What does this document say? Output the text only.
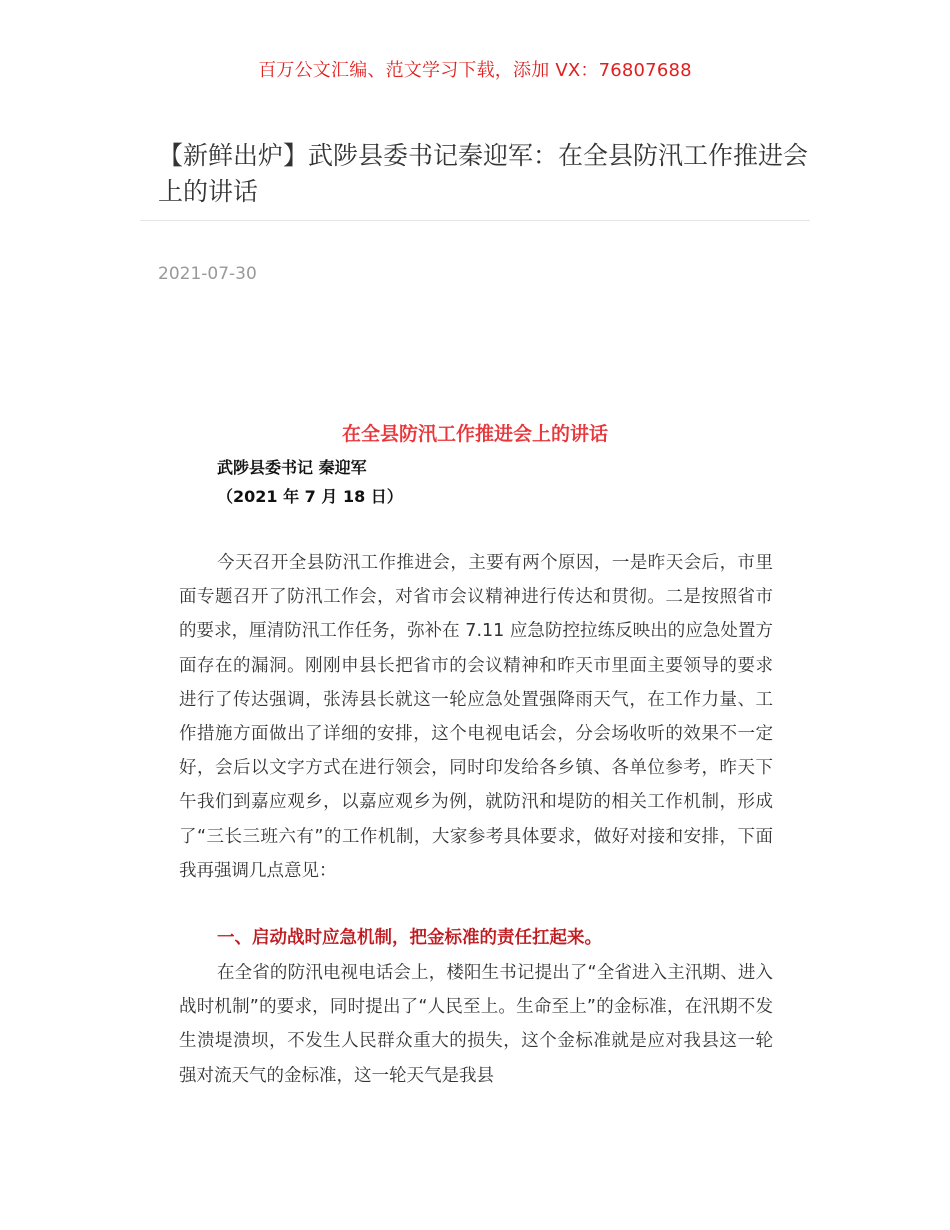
百万公文汇编、范文学习下载，添加 VX：76807688
【新鲜出炉】武陟县委书记秦迎军：在全县防汛工作推进会上的讲话
2021-07-30
在全县防汛工作推进会上的讲话
武陟县委书记 秦迎军
（2021 年 7 月 18 日）

今天召开全县防汛工作推进会，主要有两个原因，一是昨天会后，市里面专题召开了防汛工作会，对省市会议精神进行传达和贯彻。二是按照省市的要求，厘清防汛工作任务，弥补在 7.11 应急防控拉练反映出的应急处置方面存在的漏洞。刚刚申县长把省市的会议精神和昨天市里面主要领导的要求进行了传达强调，张涛县长就这一轮应急处置强降雨天气，在工作力量、工作措施方面做出了详细的安排，这个电视电话会，分会场收听的效果不一定好，会后以文字方式在进行领会，同时印发给各乡镇、各单位参考，昨天下午我们到嘉应观乡，以嘉应观乡为例，就防汛和堤防的相关工作机制，形成了“三长三班六有”的工作机制，大家参考具体要求，做好对接和安排，下面我再强调几点意见：

一、启动战时应急机制，把金标准的责任扛起来。

在全省的防汛电视电话会上，楼阳生书记提出了“全省进入主汛期、进入战时机制”的要求，同时提出了“人民至上。生命至上”的金标准，在汛期不发生溃堤溃坝，不发生人民群众重大的损失，这个金标准就是应对我县这一轮强对流天气的金标准，这一轮天气是我县
